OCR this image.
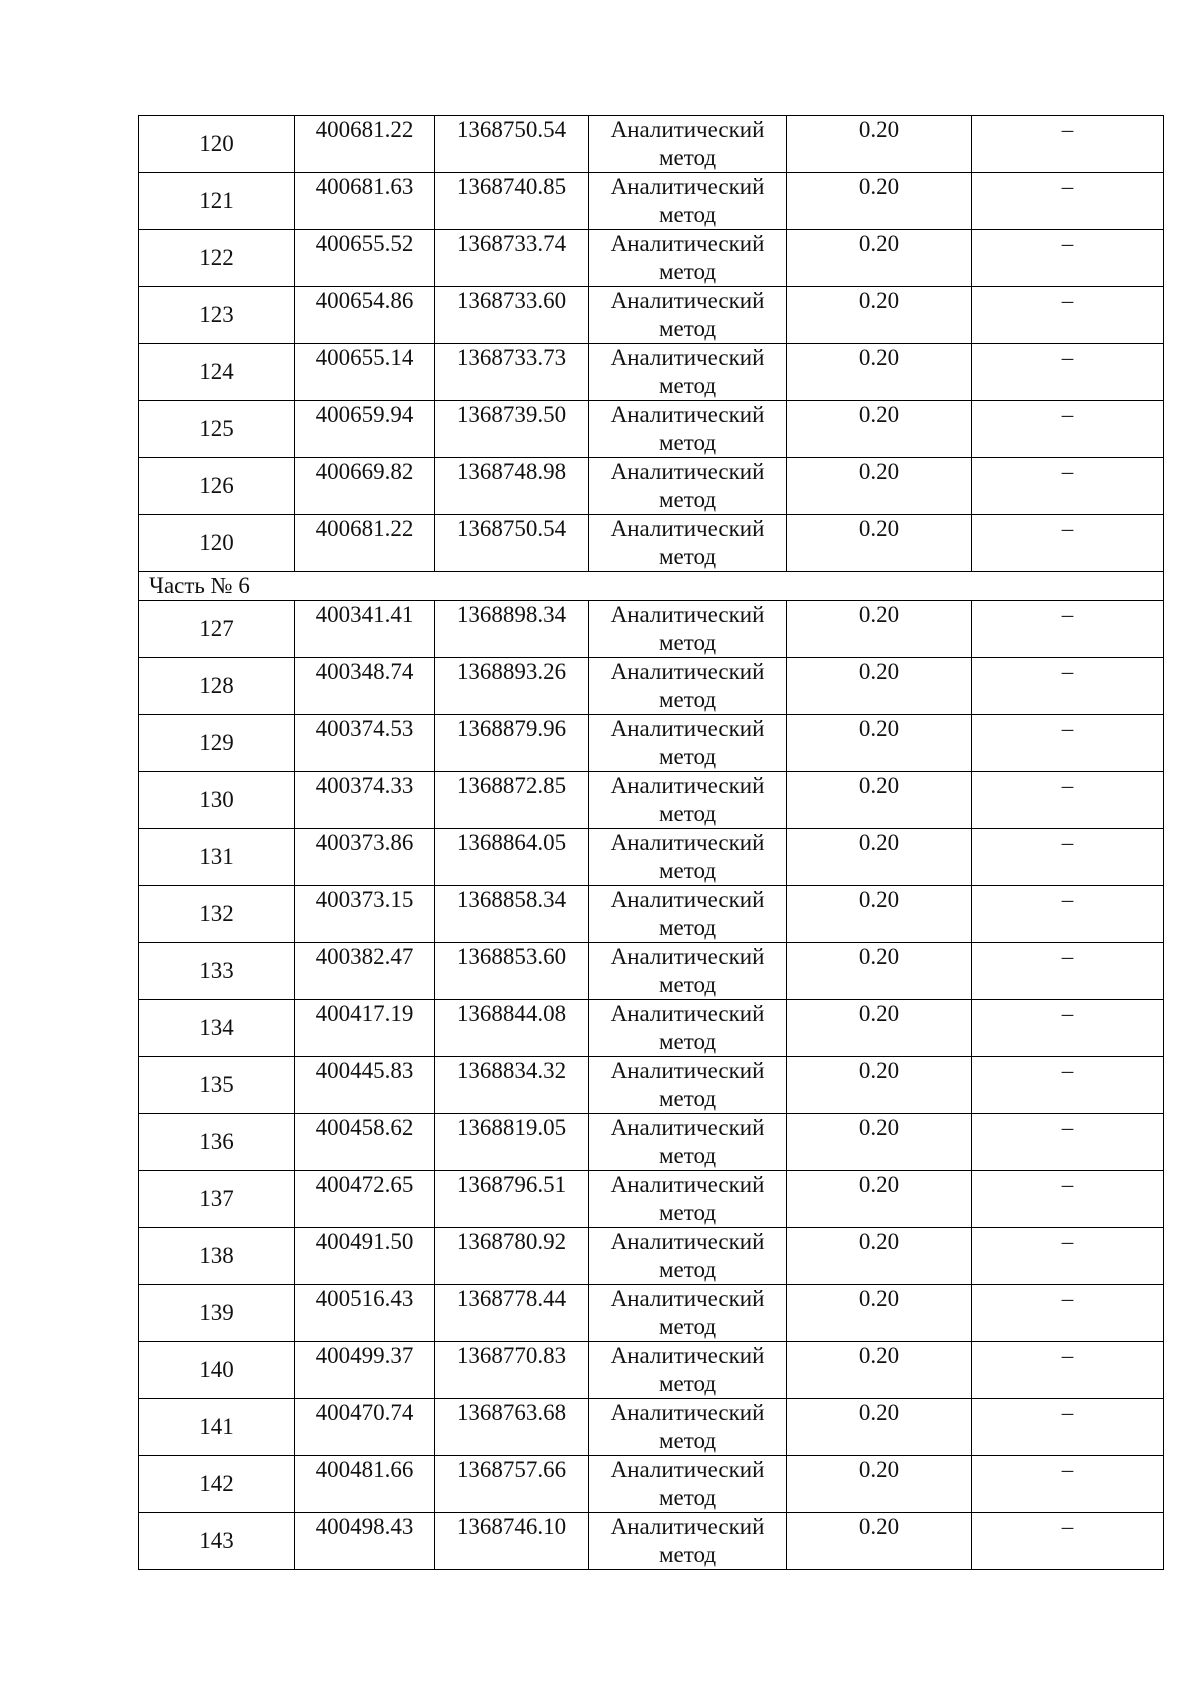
120	400681.22	1368750.54	Аналитический метод	0.20	–
121	400681.63	1368740.85	Аналитический метод	0.20	–
122	400655.52	1368733.74	Аналитический метод	0.20	–
123	400654.86	1368733.60	Аналитический метод	0.20	–
124	400655.14	1368733.73	Аналитический метод	0.20	–
125	400659.94	1368739.50	Аналитический метод	0.20	–
126	400669.82	1368748.98	Аналитический метод	0.20	–
120	400681.22	1368750.54	Аналитический метод	0.20	–
Часть № 6					
127	400341.41	1368898.34	Аналитический метод	0.20	–
128	400348.74	1368893.26	Аналитический метод	0.20	–
129	400374.53	1368879.96	Аналитический метод	0.20	–
130	400374.33	1368872.85	Аналитический метод	0.20	–
131	400373.86	1368864.05	Аналитический метод	0.20	–
132	400373.15	1368858.34	Аналитический метод	0.20	–
133	400382.47	1368853.60	Аналитический метод	0.20	–
134	400417.19	1368844.08	Аналитический метод	0.20	–
135	400445.83	1368834.32	Аналитический метод	0.20	–
136	400458.62	1368819.05	Аналитический метод	0.20	–
137	400472.65	1368796.51	Аналитический метод	0.20	–
138	400491.50	1368780.92	Аналитический метод	0.20	–
139	400516.43	1368778.44	Аналитический метод	0.20	–
140	400499.37	1368770.83	Аналитический метод	0.20	–
141	400470.74	1368763.68	Аналитический метод	0.20	–
142	400481.66	1368757.66	Аналитический метод	0.20	–
143	400498.43	1368746.10	Аналитический метод	0.20	–
